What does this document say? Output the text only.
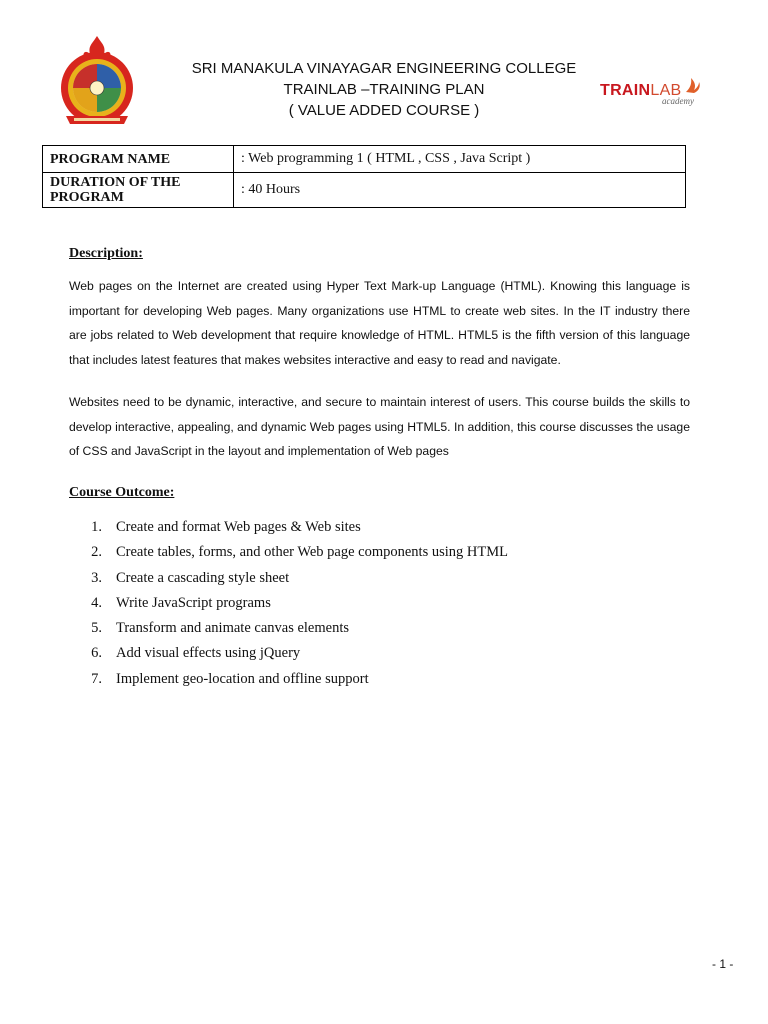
SRI MANAKULA VINAYAGAR ENGINEERING COLLEGE
TRAINLAB –TRAINING PLAN
( VALUE ADDED COURSE )
TRAINLAB
academy
PROGRAM NAME	: Web programming 1 ( HTML , CSS , Java Script )
DURATION OF THE PROGRAM	: 40 Hours
Description:
Web pages on the Internet are created using Hyper Text Mark-up Language (HTML). Knowing this language is important for developing Web pages. Many organizations use HTML to create web sites. In the IT industry there are jobs related to Web development that require knowledge of HTML. HTML5 is the fifth version of this language that includes latest features that makes websites interactive and easy to read and navigate.
Websites need to be dynamic, interactive, and secure to maintain interest of users. This course builds the skills to develop interactive, appealing, and dynamic Web pages using HTML5. In addition, this course discusses the usage of CSS and JavaScript in the layout and implementation of Web pages
Course Outcome:
1. Create and format Web pages & Web sites
2. Create tables, forms, and other Web page components using HTML
3. Create a cascading style sheet
4. Write JavaScript programs
5. Transform and animate canvas elements
6. Add visual effects using jQuery
7. Implement geo-location and offline support
- 1 -
